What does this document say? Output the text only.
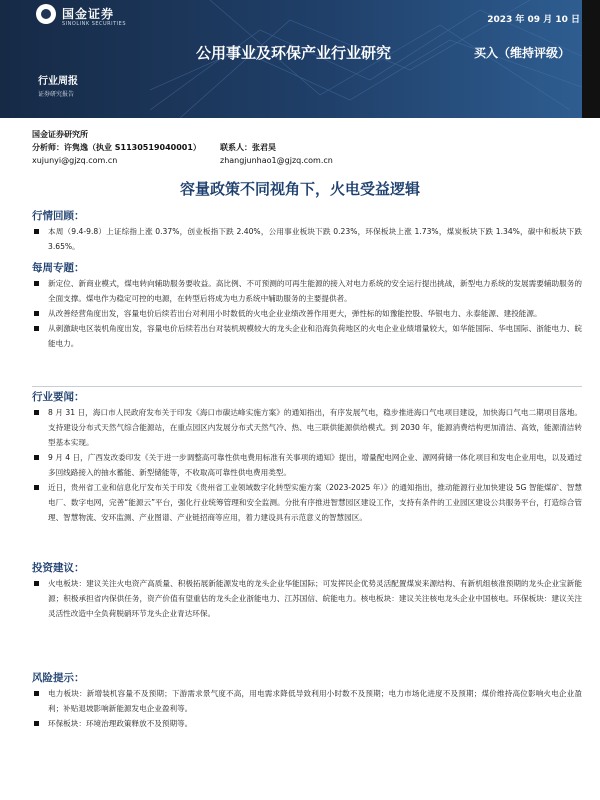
国金证券
SINOLINK SECURITIES	2023 年 09 月 10 日
公用事业及环保产业行业研究	买入（维持评级）
行业周报
证券研究报告
国金证券研究所
分析师：许隽逸（执业 S1130519040001） 联系人：张君昊
xujunyi@gjzq.com.cn	zhangjunhao1@gjzq.com.cn
容量政策不同视角下，火电受益逻辑
行情回顾：
本周（9.4-9.8）上证综指上涨 0.37%，创业板指下跌 2.40%，公用事业板块下跌 0.23%，环保板块上涨 1.73%，煤炭板块下跌 1.34%，碳中和板块下跌 3.65%。
每周专题：
新定位、新商业模式，煤电转向辅助服务要收益。高比例、不可预测的可再生能源的接入对电力系统的安全运行提出挑战，新型电力系统的发展需要辅助服务的全面支撑。煤电作为稳定可控的电源，在转型后将成为电力系统中辅助服务的主要提供者。
从改善经营角度出发，容量电价后续若出台对利用小时数低的火电企业业绩改善作用更大，弹性标的如豫能控股、华银电力、永泰能源、建投能源。
从刺激缺电区装机角度出发，容量电价后续若出台对装机规模较大的龙头企业和沿海负荷地区的火电企业业绩增量较大，如华能国际、华电国际、浙能电力、皖能电力。
行业要闻：
8 月 31 日，海口市人民政府发布关于印发《海口市碳达峰实施方案》的通知指出，有序发展气电，稳步推进海口气电项目建设，加快海口气电二期项目落地。支持建设分布式天然气综合能源站，在重点园区内发展分布式天然气冷、热、电三联供能源供给模式。到 2030 年，能源消费结构更加清洁、高效，能源清洁转型基本实现。
9 月 4 日，广西发改委印发《关于进一步调整高可靠性供电费用标准有关事项的通知》提出，增量配电网企业、源网荷储一体化项目和发电企业用电，以及通过多回线路接入的抽水蓄能、新型储能等，不收取高可靠性供电费用类型。
近日，贵州省工业和信息化厅发布关于印发《贵州省工业领域数字化转型实施方案（2023-2025 年）》的通知指出，推动能源行业加快建设 5G 智能煤矿、智慧电厂、数字电网，完善“能源云”平台，强化行业统筹管理和安全监测。分批有序推进智慧园区建设工作，支持有条件的工业园区建设公共服务平台，打造综合管理、智慧物流、安环监测、产业图谱、产业链招商等应用，着力建设具有示范意义的智慧园区。
投资建议：
火电板块：建议关注火电资产高质量、积极拓展新能源发电的龙头企业华能国际；可发挥民企优势灵活配置煤炭来源结构、有新机组核准预期的龙头企业宝新能源；积极承担省内保供任务，资产价值有望重估的龙头企业浙能电力、江苏国信、皖能电力。核电板块：建议关注核电龙头企业中国核电。环保板块：建议关注灵活性改造中全负荷脱硝环节龙头企业青达环保。
风险提示：
电力板块：新增装机容量不及预期；下游需求景气度不高，用电需求降低导致利用小时数不及预期；电力市场化进度不及预期；煤价维持高位影响火电企业盈利；补贴退坡影响新能源发电企业盈利等。
环保板块：环境治理政策释放不及预期等。
